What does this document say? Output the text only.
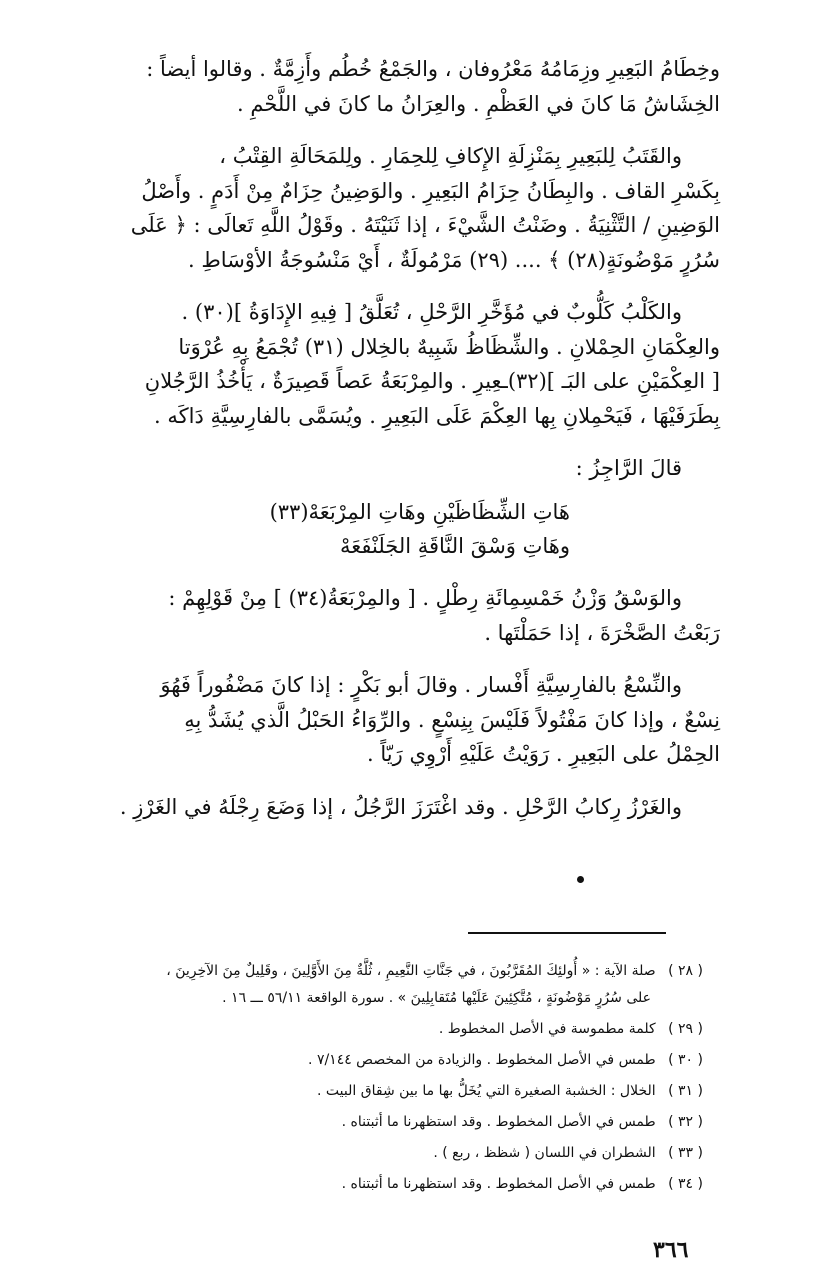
وخِطَامُ البَعِيرِ وزِمَامُهُ مَعْرُوفان ، والجَمْعُ خُطُم وأَزِمَّةٌ . وقالوا أيضاً :

الخِشَاشُ مَا كانَ في العَظْمِ . والعِرَانُ ما كانَ في اللَّحْمِ .

والقَتَبُ لِلبَعِيرِ بِمَنْزِلَةِ الإِكافِ لِلحِمَارِ . ولِلمَحَالَةِ القِتْبُ ،

بِكَسْرِ القاف . والبِطَانُ حِزَامُ البَعِيرِ . والوَضِينُ حِزَامٌ مِنْ أَدَمٍ . وأَصْلُ

الوَضِينِ / التَّثْنِيَةُ . وضَنْتُ الشَّيْءَ ، إذا ثَنَيْتَهُ . وقَوْلُ اللَّهِ تَعالَى : ﴿ عَلَى

سُرُرٍ مَوْضُونَةٍ(٢٨) ﴾ .... (٢٩) مَرْمُولَةٌ ، أَيْ مَنْسُوجَةُ الأوْسَاطِ .

والكَلْبُ كَلُّوبٌ في مُؤَخَّرِ الرَّحْلِ ، تُعَلَّقُ [ فِيهِ الإِدَاوَةُ ](٣٠) .

والعِكْمَانِ الحِمْلانِ . والشِّظَاظُ شَبِيهٌ بالخِلال (٣١) تُجْمَعُ بِهِ عُرْوَتا

[ العِكْمَيْنِ على البَـ ](٣٢)ـعِيرِ . والمِرْبَعَةُ عَصاً قَصِيرَةٌ ، يَأْخُذُ الرَّجُلانِ

بِطَرَفَيْهَا ، فَيَحْمِلانِ بِها العِكْمَ عَلَى البَعِيرِ . ويُسَمَّى بالفارِسِيَّةِ دَاكَه .

قالَ الرَّاجِزُ :
هَاتِ الشِّظَاظَيْنِ وهَاتِ المِرْبَعَهْ(٣٣)
وهَاتِ وَسْقَ النَّاقَةِ الجَلَنْفَعَهْ

والوَسْقُ وَزْنُ خَمْسِمِائَةِ رِطْلٍ . [ والمِرْبَعَةُ(٣٤) ] مِنْ قَوْلِهِمْ :

رَبَعْتُ الصَّخْرَةَ ، إذا حَمَلْتَها .

والنِّسْعُ بالفارِسِيَّةِ أَفْسار . وقالَ أبو بَكْرٍ : إذا كانَ مَضْفُوراً فَهُوَ

نِسْعٌ ، وإذا كانَ مَفْتُولاً فَلَيْسَ بِنِسْعٍ . والرِّوَاءُ الحَبْلُ الَّذي يُشَدُّ بِهِ

الحِمْلُ على البَعِيرِ . رَوَيْتُ عَلَيْهِ أَرْوِي رَيّاً .

والغَرْزُ رِكابُ الرَّحْلِ . وقد اغْتَرَزَ الرَّجُلُ ، إذا وَضَعَ رِجْلَهُ في الغَرْزِ .

( ٢٨ ) صلة الآية : « أُولئِكَ المُقَرَّبُونَ ، في جَنَّاتِ النَّعِيمِ ، ثُلَّةٌ مِنَ الأَوَّلِينَ ، وقَلِيلٌ مِنَ الآخِرِينَ ،
على سُرُرٍ مَوْضُونَةٍ ، مُتَّكِئِينَ عَلَيْها مُتَقابِلِينَ » . سورة الواقعة ٥٦/١١ ـــ ١٦ .
( ٢٩ ) كلمة مطموسة في الأصل المخطوط .
( ٣٠ ) طمس في الأصل المخطوط . والزيادة من المخصص ٧/١٤٤ .
( ٣١ ) الخلال : الخشبة الصغيرة التي يُخَلُّ بها ما بين شِقاق البيت .
( ٣٢ ) طمس في الأصل المخطوط . وقد استظهرنا ما أثبتناه .
( ٣٣ ) الشطران في اللسان ( شظظ ، ربع ) .
( ٣٤ ) طمس في الأصل المخطوط . وقد استظهرنا ما أثبتناه .
٣٦٦
